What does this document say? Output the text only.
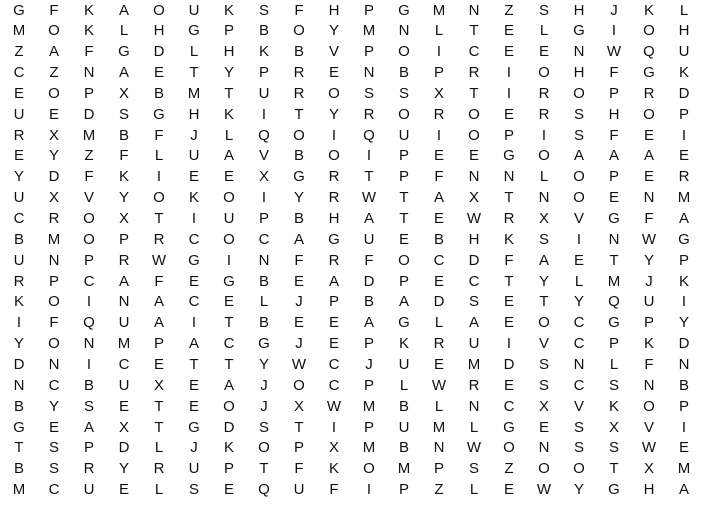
G	F	K	A	O	U	K	S	F	H	P	G	M	N	Z	S	H	J	K	L
M	O	K	L	H	G	P	B	O	Y	M	N	L	T	E	L	G	I	O	H
Z	A	F	G	D	L	H	K	B	V	P	O	I	C	E	E	N	W	Q	U
C	Z	N	A	E	T	Y	P	R	E	N	B	P	R	I	O	H	F	G	K
E	O	P	X	B	M	T	U	R	O	S	S	X	T	I	R	O	P	R	D
U	E	D	S	G	H	K	I	T	Y	R	O	R	O	E	R	S	H	O	P
R	X	M	B	F	J	L	Q	O	I	Q	U	I	O	P	I	S	F	E	I
E	Y	Z	F	L	U	A	V	B	O	I	P	E	E	G	O	A	A	A	E
Y	D	F	K	I	E	E	X	G	R	T	P	F	N	N	L	O	P	E	R
U	X	V	Y	O	K	O	I	Y	R	W	T	A	X	T	N	O	E	N	M
C	R	O	X	T	I	U	P	B	H	A	T	E	W	R	X	V	G	F	A
B	M	O	P	R	C	O	C	A	G	U	E	B	H	K	S	I	N	W	G
U	N	P	R	W	G	I	N	F	R	F	O	C	D	F	A	E	T	Y	P
R	P	C	A	F	E	G	B	E	A	D	P	E	C	T	Y	L	M	J	K
K	O	I	N	A	C	E	L	J	P	B	A	D	S	E	T	Y	Q	U	I
I	F	Q	U	A	I	T	B	E	E	A	G	L	A	E	O	C	G	P	Y
Y	O	N	M	P	A	C	G	J	E	P	K	R	U	I	V	C	P	K	D
D	N	I	C	E	T	T	Y	W	C	J	U	E	M	D	S	N	L	F	N
N	C	B	U	X	E	A	J	O	C	P	L	W	R	E	S	C	S	N	B
B	Y	S	E	T	E	O	J	X	W	M	B	L	N	C	X	V	K	O	P
G	E	A	X	T	G	D	S	T	I	P	U	M	L	G	E	S	X	V	I
T	S	P	D	L	J	K	O	P	X	M	B	N	W	O	N	S	S	W	E
B	S	R	Y	R	U	P	T	F	K	O	M	P	S	Z	O	O	T	X	M
M	C	U	E	L	S	E	Q	U	F	I	P	Z	L	E	W	Y	G	H	A
